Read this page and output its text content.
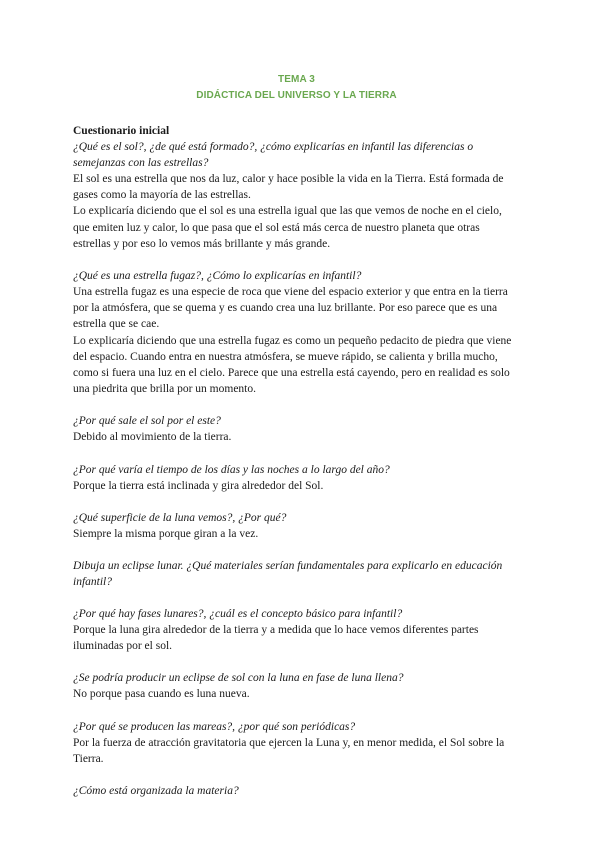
TEMA 3
DIDÁCTICA DEL UNIVERSO Y LA TIERRA
Cuestionario inicial
¿Qué es el sol?, ¿de qué está formado?, ¿cómo explicarías en infantil las diferencias o semejanzas con las estrellas?
El sol es una estrella que nos da luz, calor y hace posible la vida en la Tierra. Está formada de gases como la mayoría de las estrellas.
Lo explicaría diciendo que el sol es una estrella igual que las que vemos de noche en el cielo, que emiten luz y calor, lo que pasa que el sol está más cerca de nuestro planeta que otras estrellas y por eso lo vemos más brillante y más grande.
¿Qué es una estrella fugaz?, ¿Cómo lo explicarías en infantil?
Una estrella fugaz es una especie de roca que viene del espacio exterior y que entra en la tierra por la atmósfera, que se quema y es cuando crea una luz brillante. Por eso parece que es una estrella que se cae.
Lo explicaría diciendo que una estrella fugaz es como un pequeño pedacito de piedra que viene del espacio. Cuando entra en nuestra atmósfera, se mueve rápido, se calienta y brilla mucho, como si fuera una luz en el cielo. Parece que una estrella está cayendo, pero en realidad es solo una piedrita que brilla por un momento.
¿Por qué sale el sol por el este?
Debido al movimiento de la tierra.
¿Por qué varía el tiempo de los días y las noches a lo largo del año?
Porque la tierra está inclinada y gira alrededor del Sol.
¿Qué superficie de la luna vemos?, ¿Por qué?
Siempre la misma porque giran a la vez.
Dibuja un eclipse lunar. ¿Qué materiales serían fundamentales para explicarlo en educación infantil?
¿Por qué hay fases lunares?, ¿cuál es el concepto básico para infantil?
Porque la luna gira alrededor de la tierra y a medida que lo hace vemos diferentes partes iluminadas por el sol.
¿Se podría producir un eclipse de sol con la luna en fase de luna llena?
No porque pasa cuando es luna nueva.
¿Por qué se producen las mareas?, ¿por qué son periódicas?
Por la fuerza de atracción gravitatoria que ejercen la Luna y, en menor medida, el Sol sobre la Tierra.
¿Cómo está organizada la materia?
